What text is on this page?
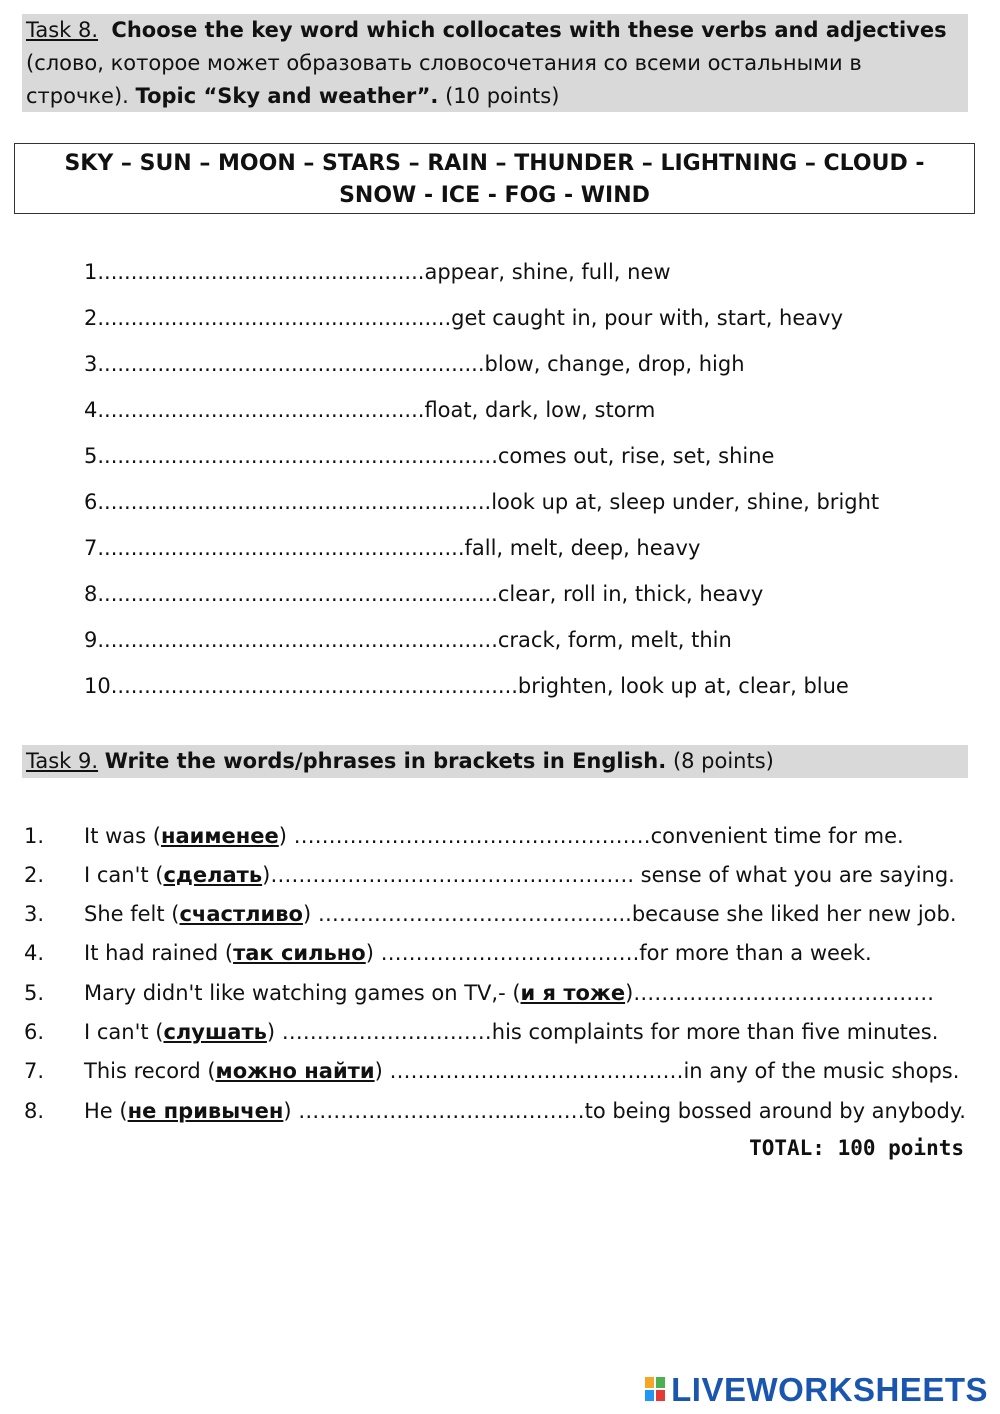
Task 8. Choose the key word which collocates with these verbs and adjectives (слово, которое может образовать словосочетания со всеми остальными в строчке). Topic “Sky and weather”. (10 points)
SKY – SUN – MOON – STARS – RAIN – THUNDER – LIGHTNING – CLOUD -
SNOW - ICE - FOG - WIND
1.................................................appear, shine, full, new
2.....................................................get caught in, pour with, start, heavy
3..........................................................blow, change, drop, high
4.................................................float, dark, low, storm
5............................................................comes out, rise, set, shine
6...........................................................look up at, sleep under, shine, bright
7.......................................................fall, melt, deep, heavy
8............................................................clear, roll in, thick, heavy
9............................................................crack, form, melt, thin
10.............................................................brighten, look up at, clear, blue
Task 9. Write the words/phrases in brackets in English. (8 points)
1. It was (наименее) ……………………………………………convenient time for me.
2. I can't (сделать)……………………………………………. sense of what you are saying.
3. She felt (счастливо) ……………………………………...because she liked her new job.
4. It had rained (так сильно) ……………………………….for more than a week.
5. Mary didn't like watching games on TV,- (и я тоже)…………………………………….
6. I can't (слушать) …………………………his complaints for more than five minutes.
7. This record (можно найти) ……………………………………in any of the music shops.
8. He (не привычен) …………………………..………to being bossed around by anybody.
TOTAL: 100 points
LIVEWORKSHEETS
